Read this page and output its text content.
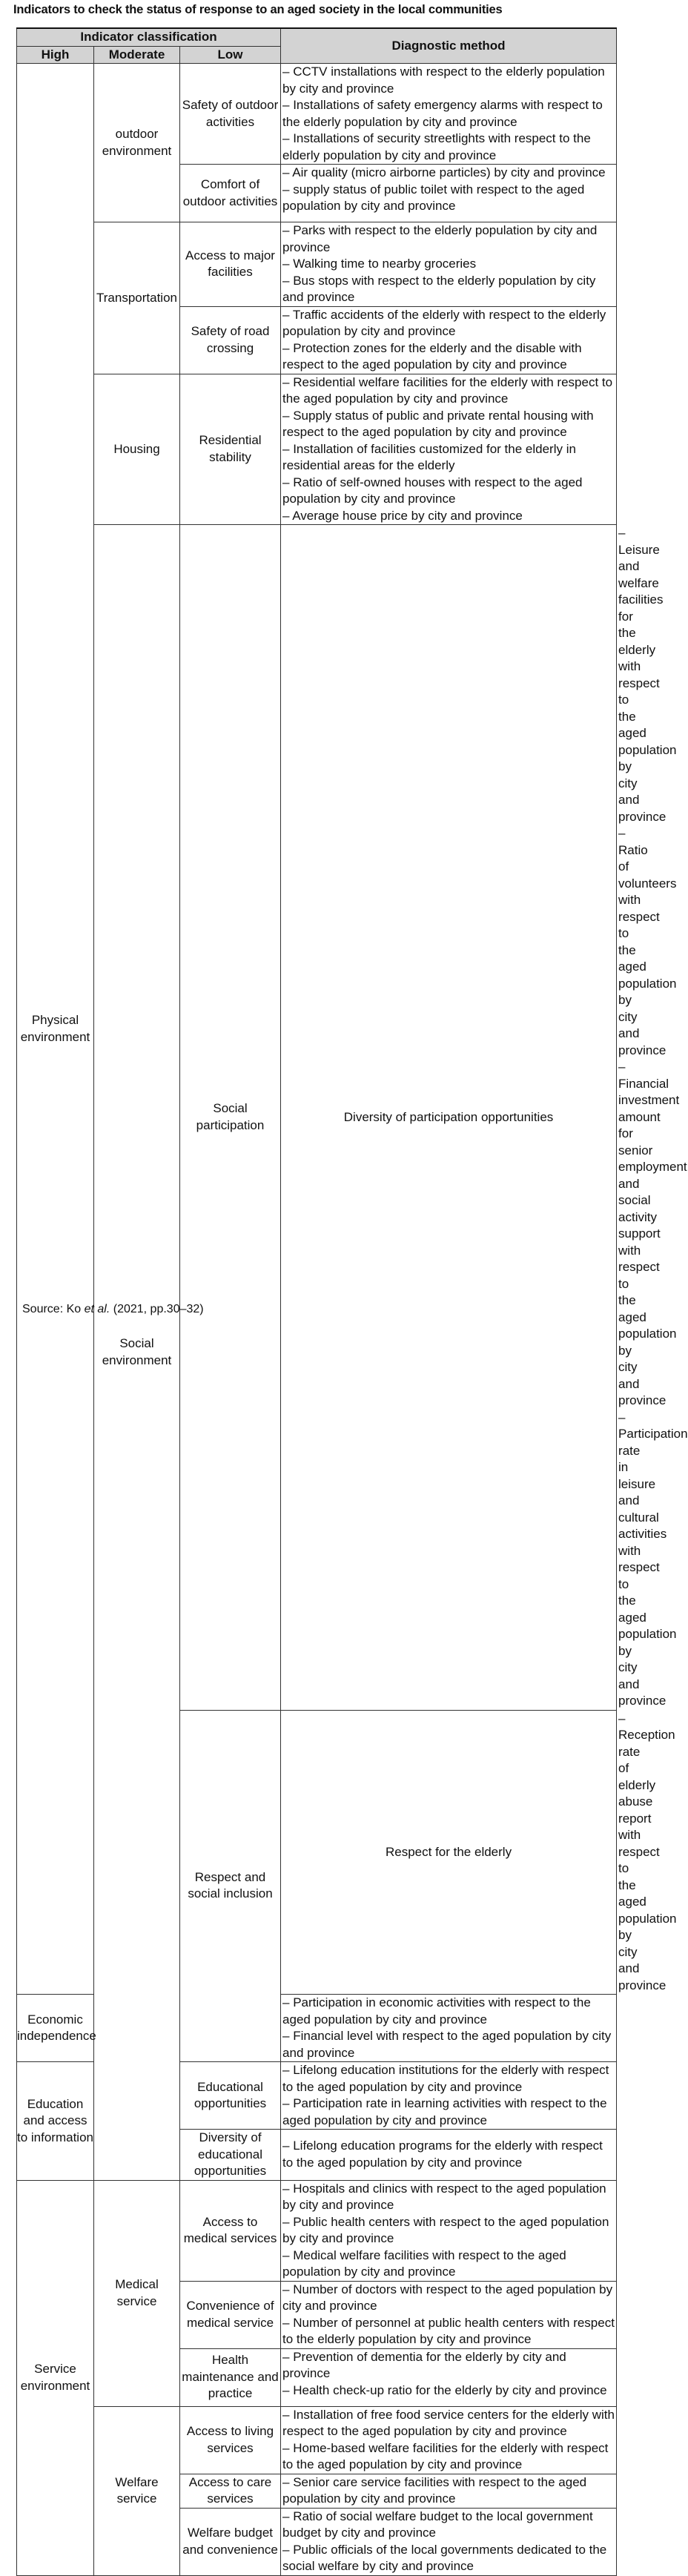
Indicators to check the status of response to an aged society in the local communities
Indicator classification			Diagnostic method	
High	Moderate	Low		
Physical environment	outdoor environment	Safety of outdoor activities	– CCTV installations with respect to the elderly population by city and province
– Installations of safety emergency alarms with respect to the elderly population by city and province
– Installations of security streetlights with respect to the elderly population by city and province	

		Comfort of outdoor activities	– Air quality (micro airborne particles) by city and province
– supply status of public toilet with respect to the aged population by city and province	

	Transportation	Access to major facilities	– Parks with respect to the elderly population by city and province
– Walking time to nearby groceries
– Bus stops with respect to the elderly population by city and province	

		Safety of road crossing	– Traffic accidents of the elderly with respect to the elderly population by city and province
– Protection zones for the elderly and the disable with respect to the aged population by city and province	

	Housing	Residential stability	– Residential welfare facilities for the elderly with respect to the aged population by city and province
– Supply status of public and private rental housing with respect to the aged population by city and province
– Installation of facilities customized for the elderly in residential areas for the elderly
– Ratio of self-owned houses with respect to the aged population by city and province
– Average house price by city and province	

	Social environment	Social participation	Diversity of participation opportunities	– Leisure and welfare facilities for the elderly with respect to the aged population by city and province
– Ratio of volunteers with respect to the aged population by city and province
– Financial investment amount for senior employment and social activity support with respect to the aged population by city and province
– Participation rate in leisure and cultural activities with respect to the aged population by city and province

		Respect and social inclusion	Respect for the elderly	– Reception rate of elderly abuse report with respect to the aged population by city and province

Economic independence			– Participation in economic activities with respect to the aged population by city and province
– Financial level with respect to the aged population by city and province	

Education and access to information		Educational opportunities	– Lifelong education institutions for the elderly with respect to the aged population by city and province
– Participation rate in learning activities with respect to the aged population by city and province	

		Diversity of educational opportunities	– Lifelong education programs for the elderly with respect to the aged population by city and province	

Service environment	Medical service	Access to medical services	– Hospitals and clinics with respect to the aged population by city and province
– Public health centers with respect to the aged population by city and province
– Medical welfare facilities with respect to the aged population by city and province	

		Convenience of medical service	– Number of doctors with respect to the aged population by city and province
– Number of personnel at public health centers with respect to the elderly population by city and province	

		Health maintenance and practice	– Prevention of dementia for the elderly by city and province
– Health check-up ratio for the elderly by city and province	

	Welfare service	Access to living services	– Installation of free food service centers for the elderly with respect to the aged population by city and province
– Home-based welfare facilities for the elderly with respect to the aged population by city and province	

		Access to care services	– Senior care service facilities with respect to the aged population by city and province	

		Welfare budget and convenience	– Ratio of social welfare budget to the local government budget by city and province
– Public officials of the local governments dedicated to the social welfare by city and province	
Source: Ko et al. (2021, pp.30–32)
